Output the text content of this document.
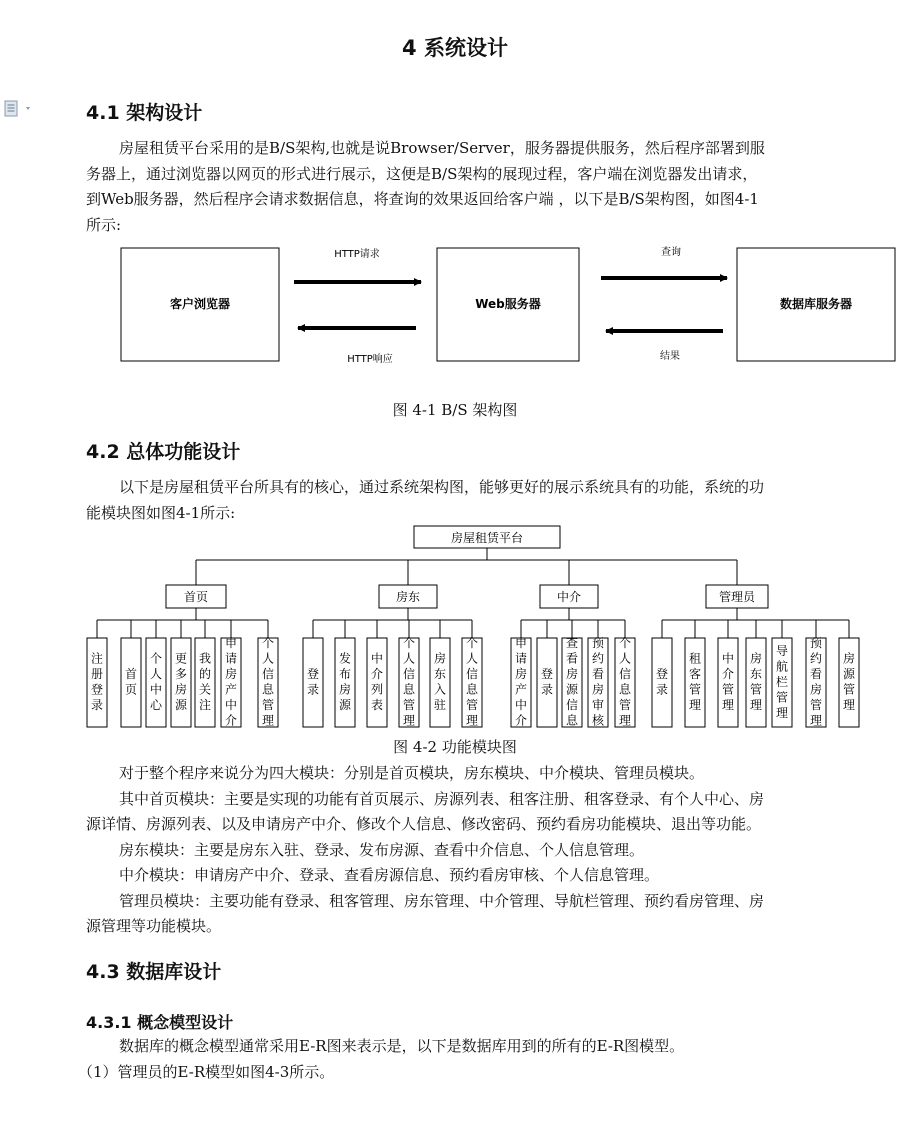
4 系统设计
4.1 架构设计
房屋租赁平台采用的是B/S架构,也就是说Browser/Server，服务器提供服务，然后程序部署到服
务器上，通过浏览器以网页的形式进行展示，这便是B/S架构的展现过程，客户端在浏览器发出请求，
到Web服务器，然后程序会请求数据信息，将查询的效果返回给客户端 ，以下是B/S架构图，如图4-1
所示:
客户浏览器	Web服务器	数据库服务器
HTTP请求
HTTP响应
查询
结果
图 4-1 B/S 架构图
4.2 总体功能设计
以下是房屋租赁平台所具有的核心，通过系统架构图，能够更好的展示系统具有的功能，系统的功
能模块图如图4-1所示:
房屋租赁平台
首页
注
册
登
录
首
页
个
人
中
心
更
多
房
源
我
的
关
注
申
请
房
产
中
介
个
人
信
息
管
理
房东
登
录
发
布
房
源
中
介
列
表
个
人
信
息
管
理
房
东
入
驻
个
人
信
息
管
理
中介
申
请
房
产
中
介
登
录
查
看
房
源
信
息
预
约
看
房
审
核
个
人
信
息
管
理
管理员
登
录
租
客
管
理
中
介
管
理
房
东
管
理
导
航
栏
管
理
预
约
看
房
管
理
房
源
管
理
图 4-2 功能模块图
对于整个程序来说分为四大模块：分别是首页模块，房东模块、中介模块、管理员模块。
其中首页模块：主要是实现的功能有首页展示、房源列表、租客注册、租客登录、有个人中心、房
源详情、房源列表、以及申请房产中介、修改个人信息、修改密码、预约看房功能模块、退出等功能。
房东模块：主要是房东入驻、登录、发布房源、查看中介信息、个人信息管理。
中介模块：申请房产中介、登录、查看房源信息、预约看房审核、个人信息管理。
管理员模块：主要功能有登录、租客管理、房东管理、中介管理、导航栏管理、预约看房管理、房
源管理等功能模块。
4.3 数据库设计
4.3.1 概念模型设计
数据库的概念模型通常采用E-R图来表示是，以下是数据库用到的所有的E-R图模型。
（1）管理员的E-R模型如图4-3所示。
